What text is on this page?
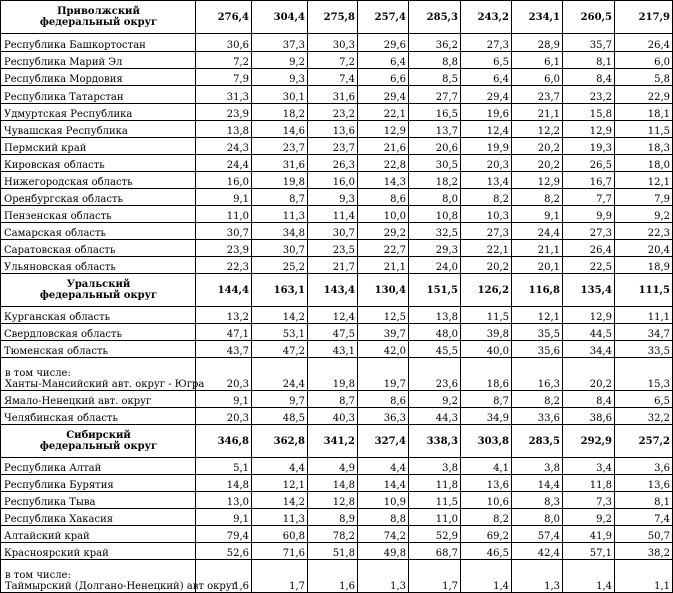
Приволжский
федеральный округ	276,4	304,4	275,8	257,4	285,3	243,2	234,1	260,5	217,9
Республика Башкортостан	30,6	37,3	30,3	29,6	36,2	27,3	28,9	35,7	26,4
Республика Марий Эл	7,2	9,2	7,2	6,4	8,8	6,5	6,1	8,1	6,0
Республика Мордовия	7,9	9,3	7,4	6,6	8,5	6,4	6,0	8,4	5,8
Республика Татарстан	31,3	30,1	31,6	29,4	27,7	29,4	23,7	23,2	22,9
Удмуртская Республика	23,9	18,2	23,2	22,1	16,5	19,6	21,1	15,8	18,1
Чувашская Республика	13,8	14,6	13,6	12,9	13,7	12,4	12,2	12,9	11,5
Пермский край	24,3	23,7	23,7	21,6	20,6	19,9	20,2	19,3	18,3
Кировская область	24,4	31,6	26,3	22,8	30,5	20,3	20,2	26,5	18,0
Нижегородская область	16,0	19,8	16,0	14,3	18,2	13,4	12,9	16,7	12,1
Оренбургская область	9,1	8,7	9,3	8,6	8,0	8,2	8,2	7,7	7,9
Пензенская область	11,0	11,3	11,4	10,0	10,8	10,3	9,1	9,9	9,2
Самарская область	30,7	34,8	30,7	29,2	32,5	27,3	24,4	27,3	22,3
Саратовская область	23,9	30,7	23,5	22,7	29,3	22,1	21,1	26,4	20,4
Ульяновская область	22,3	25,2	21,7	21,1	24,0	20,2	20,1	22,5	18,9
Уральский
федеральный округ	144,4	163,1	143,4	130,4	151,5	126,2	116,8	135,4	111,5
Курганская область	13,2	14,2	12,4	12,5	13,8	11,5	12,1	12,9	11,1
Свердловская область	47,1	53,1	47,5	39,7	48,0	39,8	35,5	44,5	34,7
Тюменская область	43,7	47,2	43,1	42,0	45,5	40,0	35,6	34,4	33,5
в том числе:
Ханты-Мансийский авт. округ - Югра	20,3	24,4	19,8	19,7	23,6	18,6	16,3	20,2	15,3
Ямало-Ненецкий авт. округ	9,1	9,7	8,7	8,6	9,2	8,7	8,2	8,4	6,5
Челябинская область	20,3	48,5	40,3	36,3	44,3	34,9	33,6	38,6	32,2
Сибирский
федеральный округ	346,8	362,8	341,2	327,4	338,3	303,8	283,5	292,9	257,2
Республика Алтай	5,1	4,4	4,9	4,4	3,8	4,1	3,8	3,4	3,6
Республика Бурятия	14,8	12,1	14,8	14,4	11,8	13,6	14,4	11,8	13,6
Республика Тыва	13,0	14,2	12,8	10,9	11,5	10,6	8,3	7,3	8,1
Республика Хакасия	9,1	11,3	8,9	8,8	11,0	8,2	8,0	9,2	7,4
Алтайский край	79,4	60,8	78,2	74,2	52,9	69,2	57,4	41,9	50,7
Красноярский край	52,6	71,6	51,8	49,8	68,7	46,5	42,4	57,1	38,2
в том числе:
Таймырский (Долгано-Ненецкий) авт округ	1,6	1,7	1,6	1,3	1,7	1,4	1,3	1,4	1,1
